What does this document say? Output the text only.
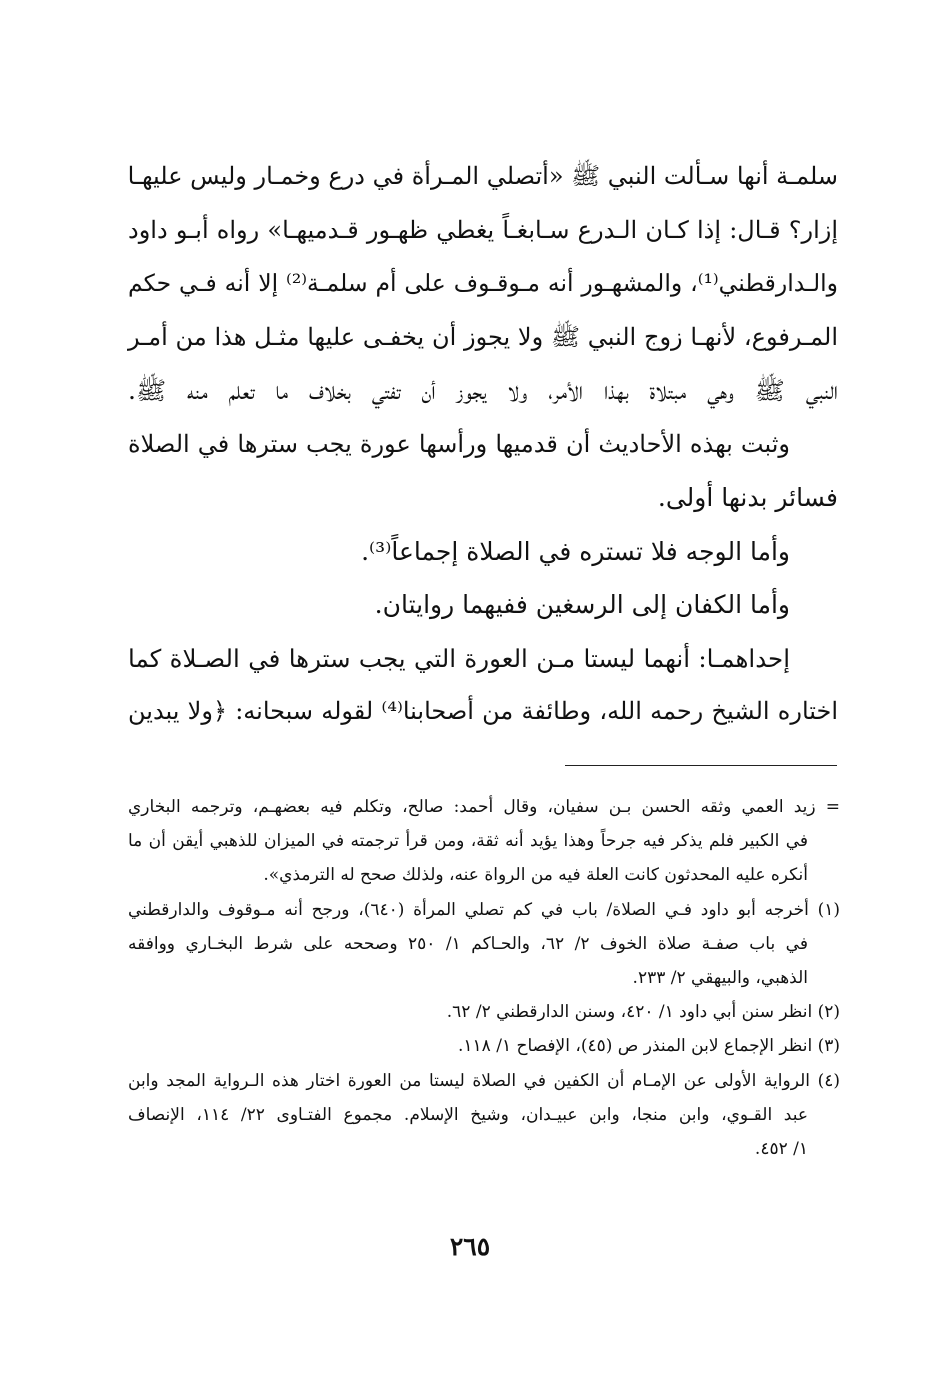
سلمـة أنها سـألت النبي ﷺ «أتصلي المـرأة في درع وخمـار وليس عليهـا
إزار؟ قـال: إذا كـان الـدرع سـابغـاً يغطي ظهـور قـدميهـا» رواه أبـو داود
والـدارقطني⁽¹⁾، والمشهـور أنه مـوقـوف على أم سلمـة⁽²⁾ إلا أنه فـي حكم
المـرفوع، لأنهـا زوج النبي ﷺ ولا يجوز أن يخفـى عليها مثـل هذا من أمـر
النبي ﷺ وهي مبتلاة بهذا الأمر، ولا يجوز أن تفتي بخلاف ما تعلم منه ﷺ.
وثبت بهذه الأحاديث أن قدميها ورأسها عورة يجب سترها في الصلاة
فسائر بدنها أولى.
وأما الوجه فلا تستره في الصلاة إجماعاً⁽³⁾.
وأما الكفان إلى الرسغين ففيهما روايتان.
إحداهمـا: أنهما ليستا مـن العورة التي يجب سترها في الصـلاة كما
اختاره الشيخ رحمه الله، وطائفة من أصحابنا⁽⁴⁾ لقوله سبحانه: ﴿ولا يبدين
= زيد العمي وثقه الحسن بـن سفيان، وقال أحمد: صالح، وتكلم فيه بعضهـم، وترجمه البخاري
في الكبير فلم يذكر فيه جرحاً وهذا يؤيد أنه ثقة، ومن قرأ ترجمته في الميزان للذهبي أيقن أن ما
أنكره عليه المحدثون كانت العلة فيه من الرواة عنه، ولذلك صحح له الترمذي».
(١) أخرجه أبو داود فـي الصلاة/ باب في كم تصلي المرأة (٦٤٠)، ورجح أنه مـوقوف والدارقطني
في باب صفـة صلاة الخوف ٢/ ٦٢، والحـاكم ١/ ٢٥٠ وصححه على شرط البخـاري ووافقه
الذهبي، والبيهقي ٢/ ٢٣٣.
(٢) انظر سنن أبي داود ١/ ٤٢٠، وسنن الدارقطني ٢/ ٦٢.
(٣) انظر الإجماع لابن المنذر ص (٤٥)، الإفصاح ١/ ١١٨.
(٤) الرواية الأولى عن الإمـام أن الكفين في الصلاة ليستا من العورة اختار هذه الـرواية المجد وابن
عبد القـوي، وابن منجا، وابن عبيـدان، وشيخ الإسلام. مجموع الفتـاوى ٢٢/ ١١٤، الإنصاف
١/ ٤٥٢.
٢٦٥
